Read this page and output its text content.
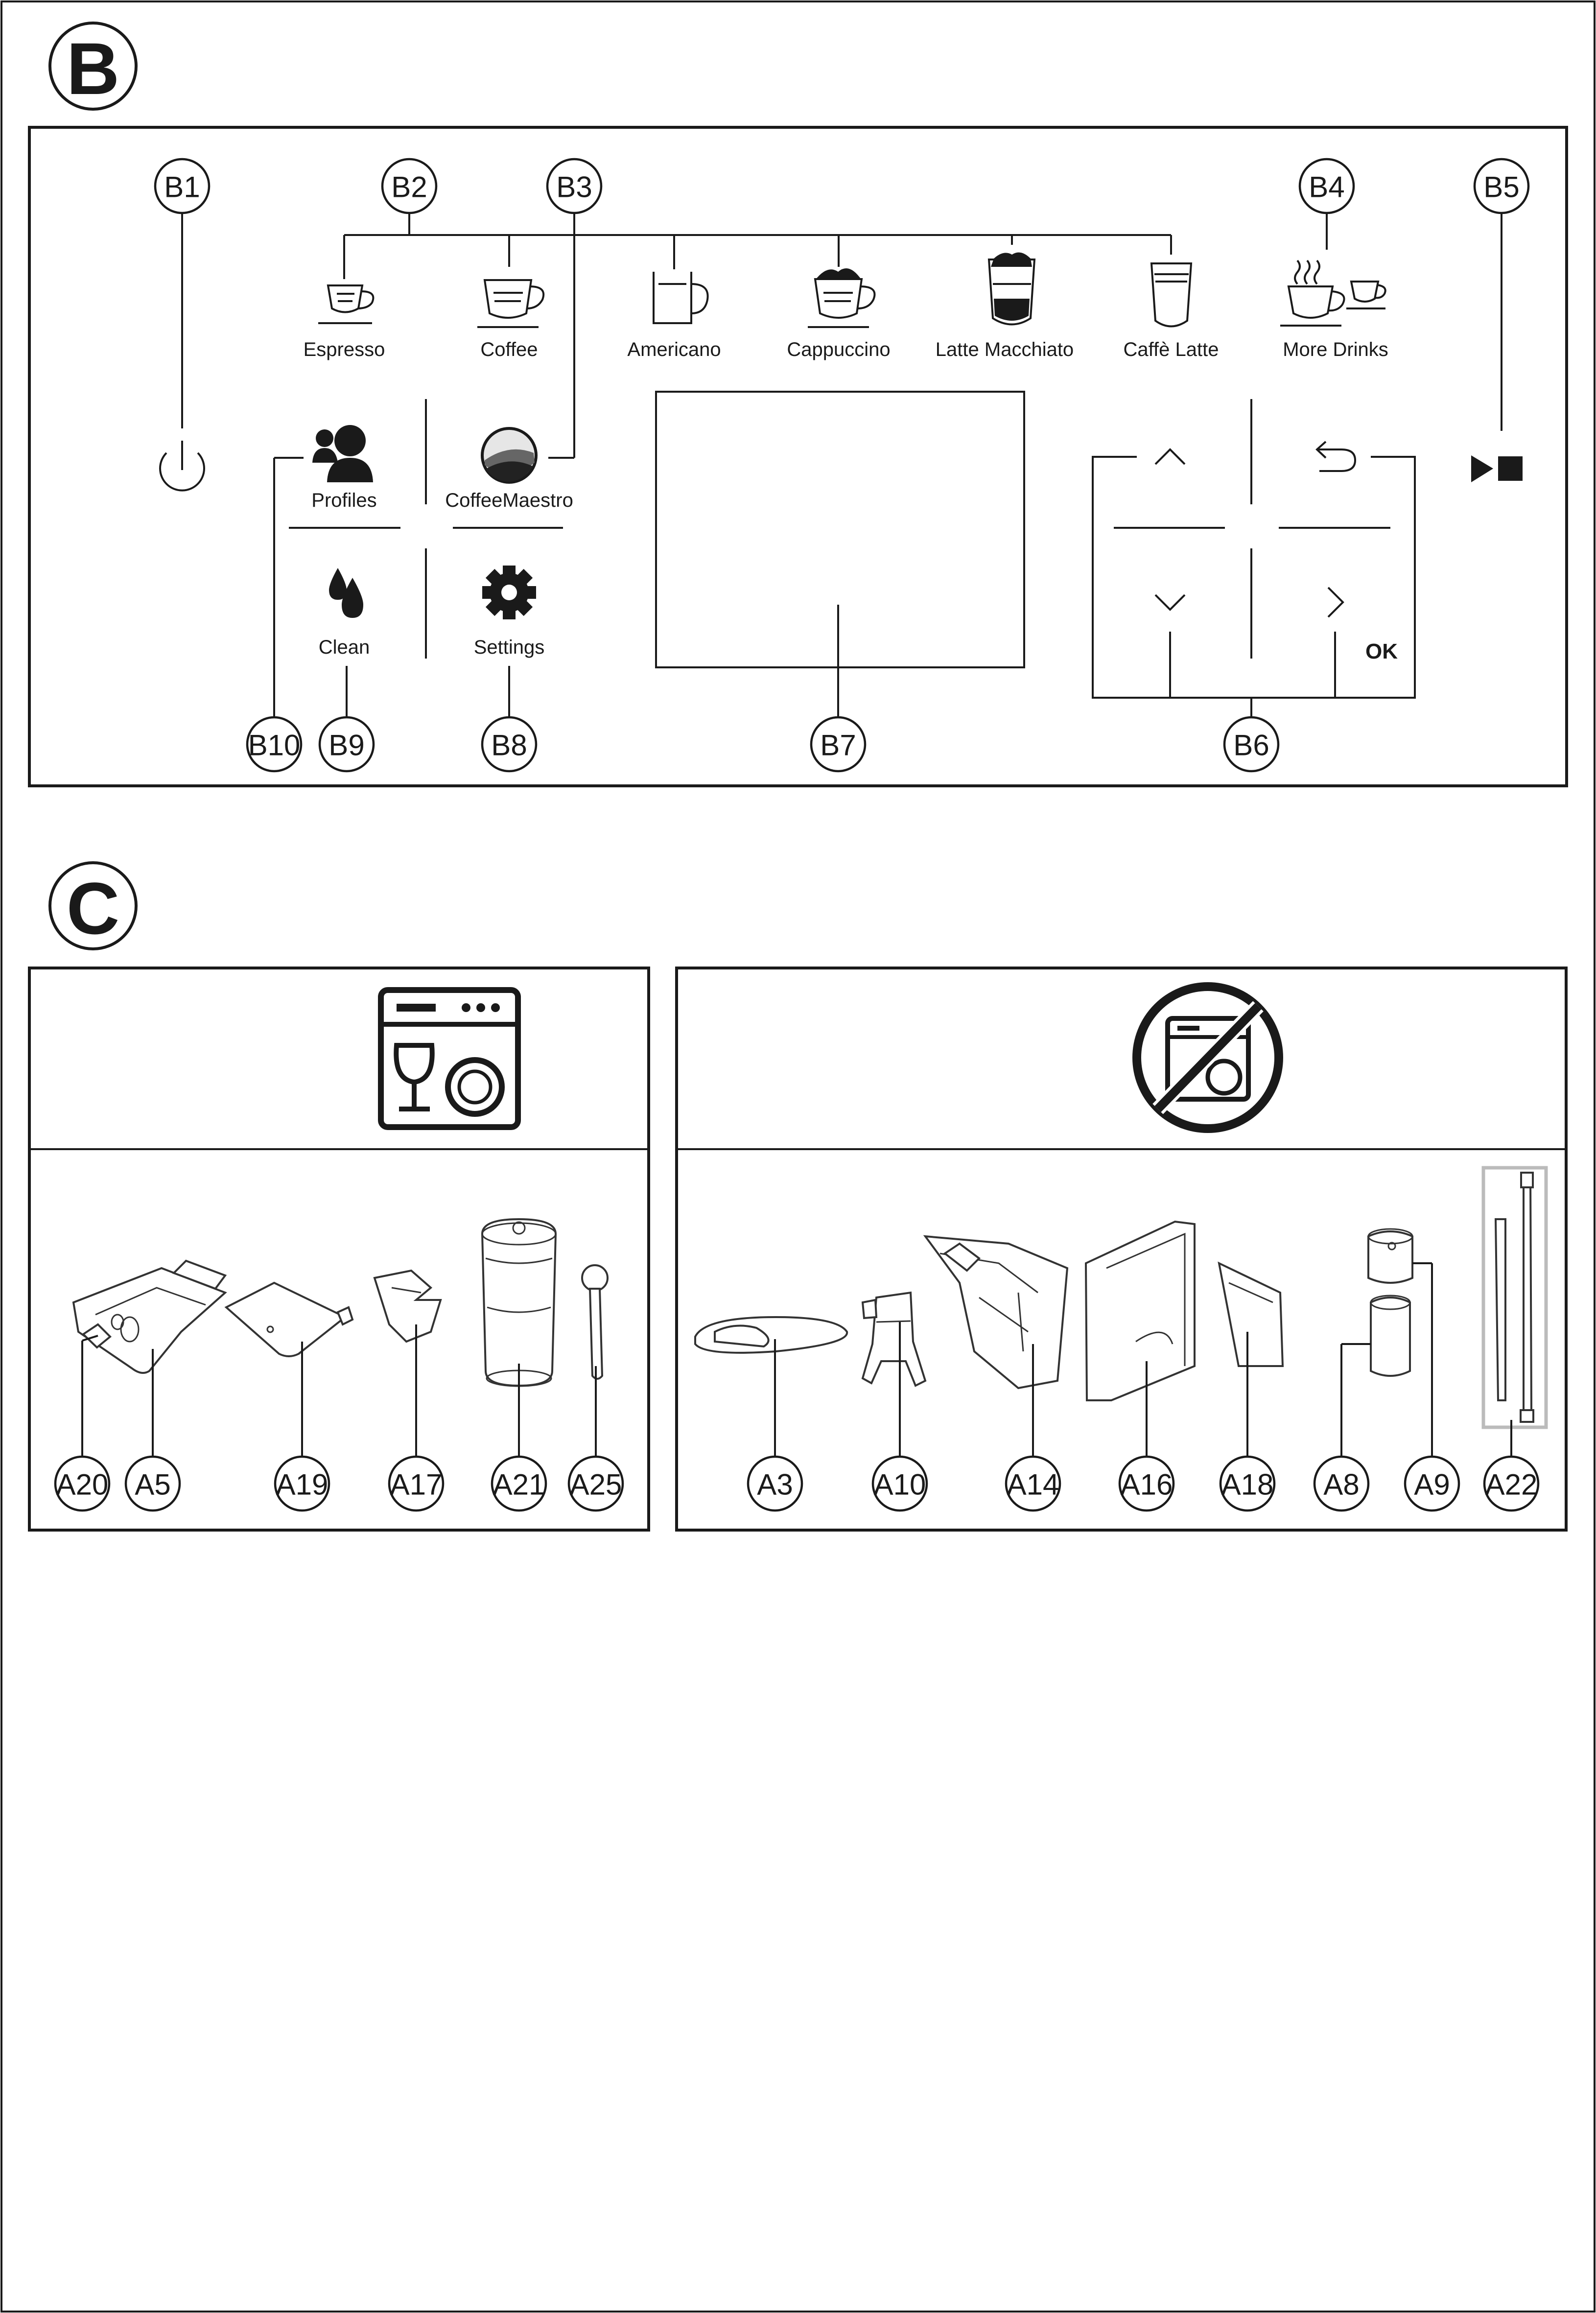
B
Espresso	Coffee	Americano	Cappuccino Latte Macchiato	Caffè Latte	More Drinks
Profiles	CoffeeMaestro
Clean	Settings	OK
B1	B2	B3	B4	B5
B10 B9	B8	B7	B6
C
A20 A5	A19 A17 A21 A25	A3	A10	A14 A16 A18 A8 A9 A22
